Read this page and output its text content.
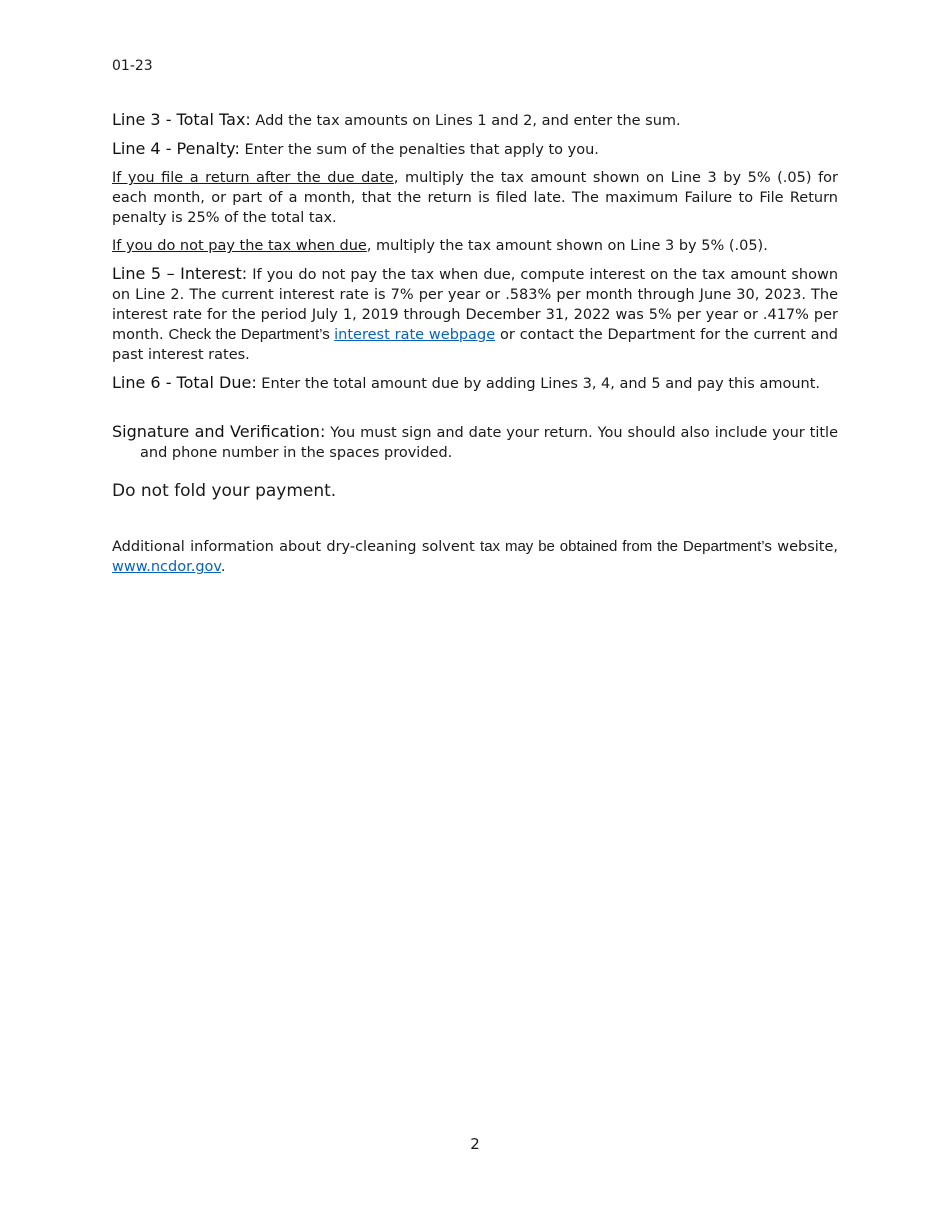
01-23

Line 3 - Total Tax: Add the tax amounts on Lines 1 and 2, and enter the sum.

Line 4 - Penalty: Enter the sum of the penalties that apply to you.

If you file a return after the due date, multiply the tax amount shown on Line 3 by 5% (.05) for each month, or part of a month, that the return is filed late. The maximum Failure to File Return penalty is 25% of the total tax.

If you do not pay the tax when due, multiply the tax amount shown on Line 3 by 5% (.05).

Line 5 – Interest: If you do not pay the tax when due, compute interest on the tax amount shown on Line 2. The current interest rate is 7% per year or .583% per month through June 30, 2023. The interest rate for the period July 1, 2019 through December 31, 2022 was 5% per year or .417% per month. Check the Department’s interest rate webpage or contact the Department for the current and past interest rates.

Line 6 - Total Due: Enter the total amount due by adding Lines 3, 4, and 5 and pay this amount.

Signature and Verification: You must sign and date your return. You should also include your title and phone number in the spaces provided.

Do not fold your payment.

Additional information about dry-cleaning solvent tax may be obtained from the Department’s website, www.ncdor.gov.

2
